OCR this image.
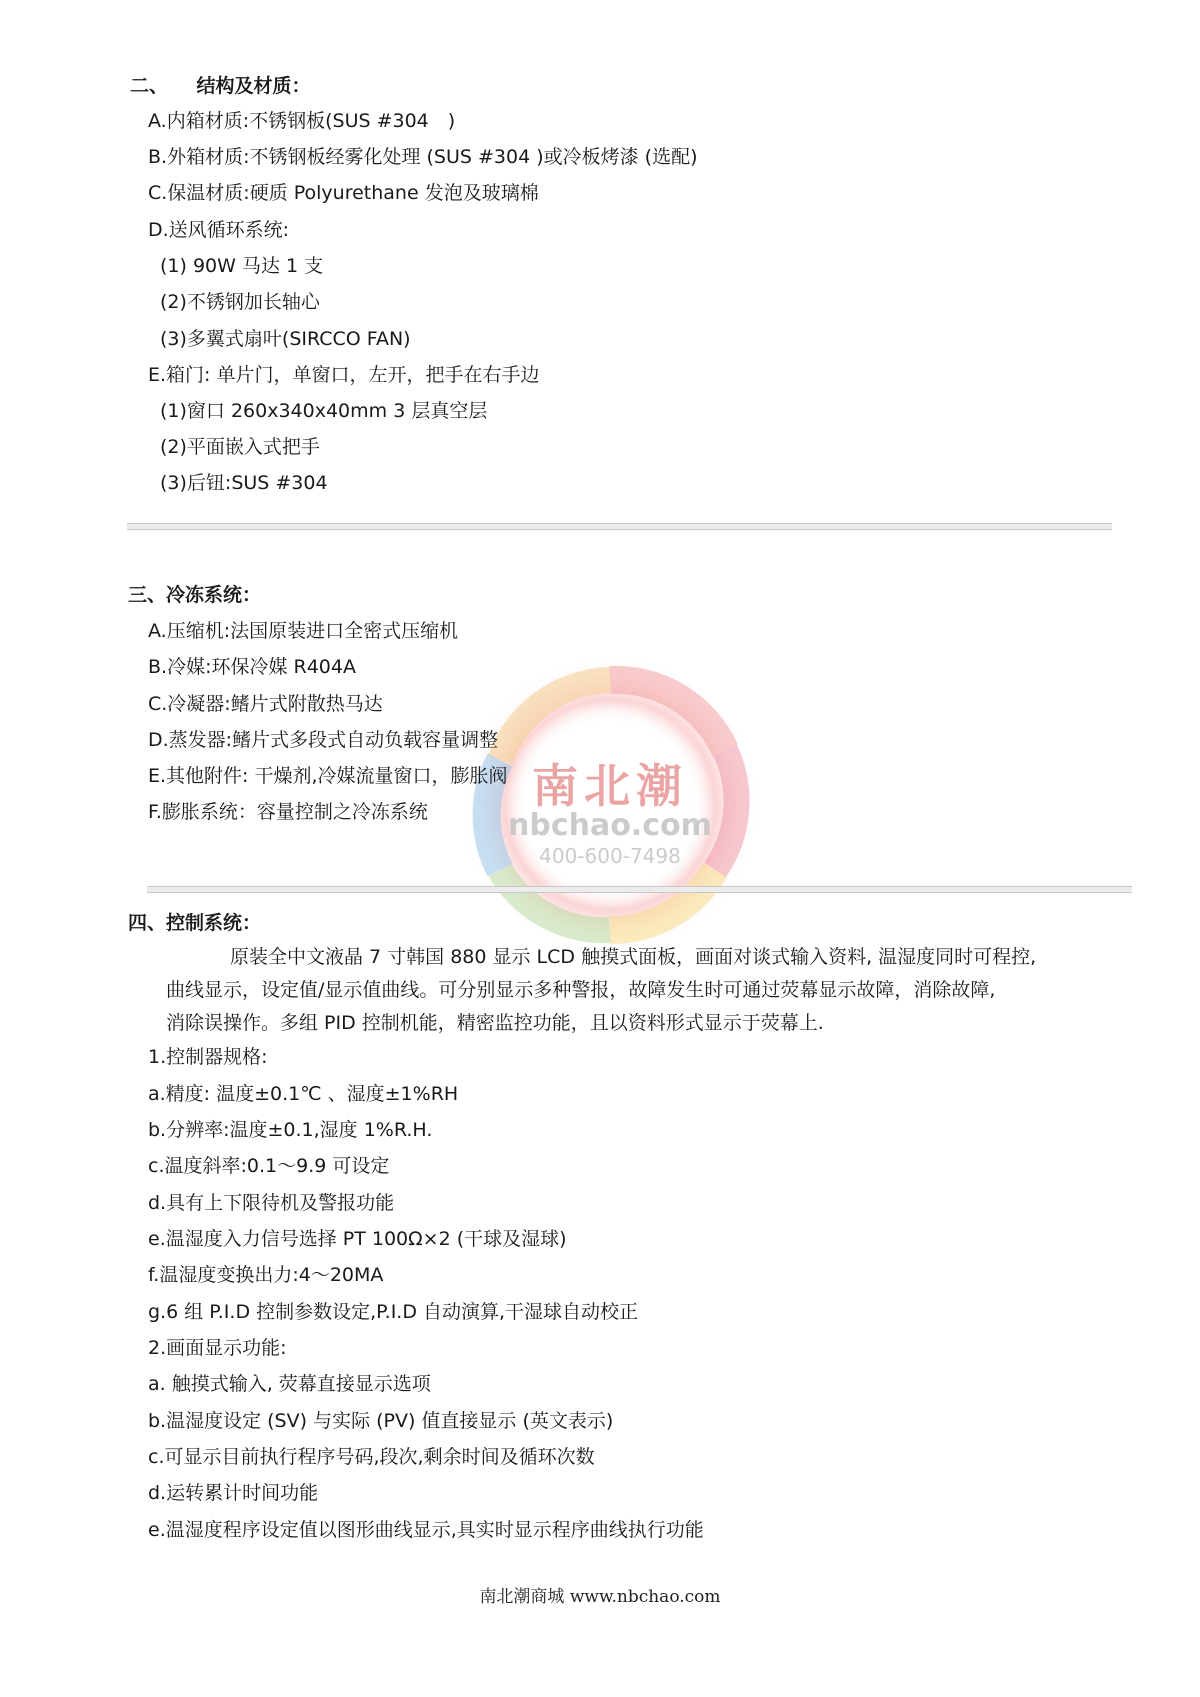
南北潮
nbchao.com
400-600-7498
二、　　结构及材质：
A.内箱材质:不锈钢板(SUS #304　)
B.外箱材质:不锈钢板经雾化处理 (SUS #304 )或冷板烤漆 (选配)
C.保温材质:硬质 Polyurethane 发泡及玻璃棉
D.送风循环系统:
(1) 90W 马达 1 支
(2)不锈钢加长轴心
(3)多翼式扇叶(SIRCCO FAN)
E.箱门: 单片门，单窗口，左开，把手在右手边
(1)窗口 260x340x40mm 3 层真空层
(2)平面嵌入式把手
(3)后钮:SUS #304
三、冷冻系统：
A.压缩机:法国原装进口全密式压缩机
B.冷媒:环保冷媒 R404A
C.冷凝器:鳍片式附散热马达
D.蒸发器:鳍片式多段式自动负载容量调整
E.其他附件: 干燥剂,冷媒流量窗口，膨胀阀
F.膨胀系统：容量控制之冷冻系统
四、控制系统：
原装全中文液晶 7 寸韩国 880 显示 LCD 触摸式面板，画面对谈式输入资料, 温湿度同时可程控,
曲线显示，设定值/显示值曲线。可分别显示多种警报，故障发生时可通过荧幕显示故障，消除故障,
消除误操作。多组 PID 控制机能，精密监控功能，且以资料形式显示于荧幕上.
1.控制器规格:
a.精度: 温度±0.1℃ 、湿度±1%RH
b.分辨率:温度±0.1,湿度 1%R.H.
c.温度斜率:0.1～9.9 可设定
d.具有上下限待机及警报功能
e.温湿度入力信号选择 PT 100Ω×2 (干球及湿球)
f.温湿度变换出力:4～20MA
g.6 组 P.I.D 控制参数设定,P.I.D 自动演算,干湿球自动校正
2.画面显示功能:
a. 触摸式输入, 荧幕直接显示选项
b.温湿度设定 (SV) 与实际 (PV) 值直接显示 (英文表示)
c.可显示目前执行程序号码,段次,剩余时间及循环次数
d.运转累计时间功能
e.温湿度程序设定值以图形曲线显示,具实时显示程序曲线执行功能
南北潮商城 www.nbchao.com
